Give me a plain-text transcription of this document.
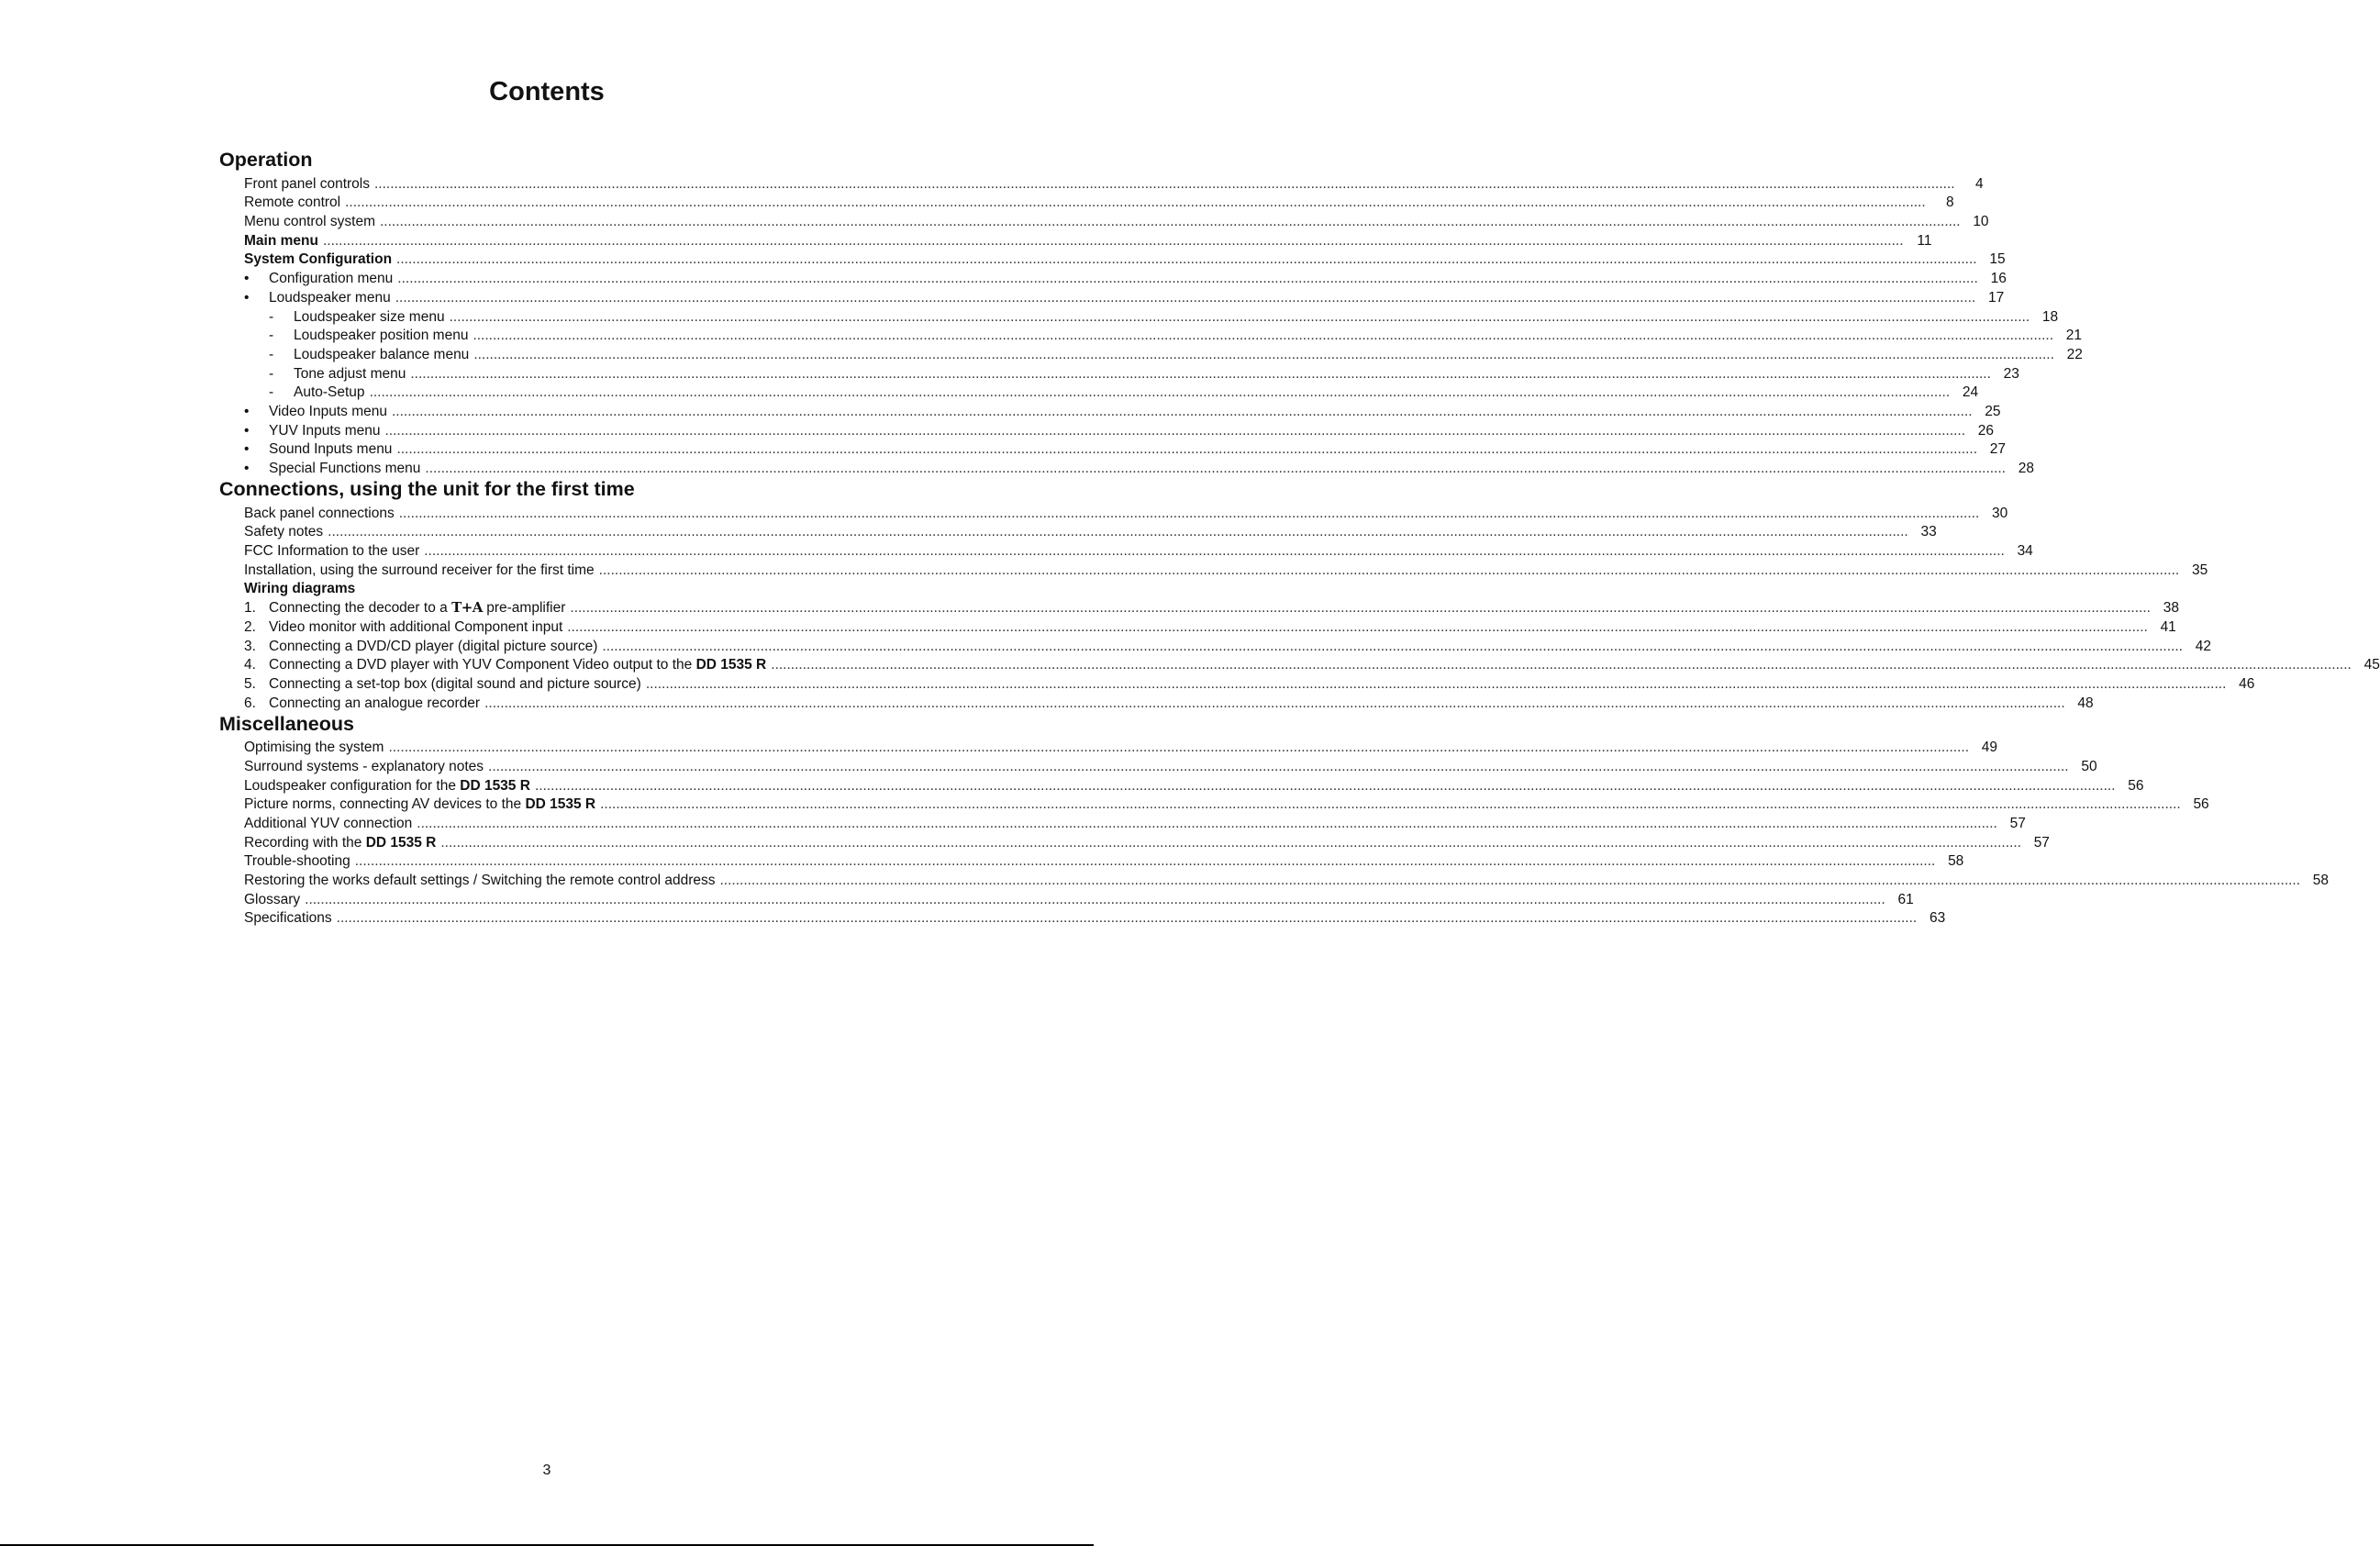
Contents
Operation
Front panel controls ................................................................................................................................................................................................................................................................................................................................................................................................................	4
Remote control ................................................................................................................................................................................................................................................................................................................................................................................................................	8
Menu control system ................................................................................................................................................................................................................................................................................................................................................................................................................ 10
Main menu ................................................................................................................................................................................................................................................................................................................................................................................................................ 11
System Configuration ................................................................................................................................................................................................................................................................................................................................................................................................................ 15
•	Configuration menu ................................................................................................................................................................................................................................................................................................................................................................................................................ 16
•	Loudspeaker menu ................................................................................................................................................................................................................................................................................................................................................................................................................ 17
-	Loudspeaker size menu ................................................................................................................................................................................................................................................................................................................................................................................................................ 18
-	Loudspeaker position menu ................................................................................................................................................................................................................................................................................................................................................................................................................ 21
-	Loudspeaker balance menu ................................................................................................................................................................................................................................................................................................................................................................................................................ 22
-	Tone adjust menu ................................................................................................................................................................................................................................................................................................................................................................................................................ 23
-	Auto-Setup ................................................................................................................................................................................................................................................................................................................................................................................................................ 24
•	Video Inputs menu ................................................................................................................................................................................................................................................................................................................................................................................................................ 25
•	YUV Inputs menu ................................................................................................................................................................................................................................................................................................................................................................................................................ 26
•	Sound Inputs menu ................................................................................................................................................................................................................................................................................................................................................................................................................ 27
•	Special Functions menu ................................................................................................................................................................................................................................................................................................................................................................................................................ 28
Connections, using the unit for the first time
Back panel connections ................................................................................................................................................................................................................................................................................................................................................................................................................ 30
Safety notes ................................................................................................................................................................................................................................................................................................................................................................................................................ 33
FCC Information to the user ................................................................................................................................................................................................................................................................................................................................................................................................................ 34
Installation, using the surround receiver for the first time ................................................................................................................................................................................................................................................................................................................................................................................................................ 35
Wiring diagrams
1. Connecting the decoder to a T+A pre-amplifier ................................................................................................................................................................................................................................................................................................................................................................................................................ 38
2. Video monitor with additional Component input ................................................................................................................................................................................................................................................................................................................................................................................................................ 41
3. Connecting a DVD/CD player (digital picture source) ................................................................................................................................................................................................................................................................................................................................................................................................................ 42
4. Connecting a DVD player with YUV Component Video output to the DD 1535 R ................................................................................................................................................................................................................................................................................................................................................................................................................ 45
5. Connecting a set-top box (digital sound and picture source) ................................................................................................................................................................................................................................................................................................................................................................................................................ 46
6. Connecting an analogue recorder ................................................................................................................................................................................................................................................................................................................................................................................................................ 48
Miscellaneous
Optimising the system ................................................................................................................................................................................................................................................................................................................................................................................................................ 49
Surround systems - explanatory notes ................................................................................................................................................................................................................................................................................................................................................................................................................ 50
Loudspeaker configuration for the DD 1535 R ................................................................................................................................................................................................................................................................................................................................................................................................................ 56
Picture norms, connecting AV devices to the DD 1535 R ................................................................................................................................................................................................................................................................................................................................................................................................................ 56
Additional YUV connection ................................................................................................................................................................................................................................................................................................................................................................................................................ 57
Recording with the DD 1535 R ................................................................................................................................................................................................................................................................................................................................................................................................................ 57
Trouble-shooting ................................................................................................................................................................................................................................................................................................................................................................................................................ 58
Restoring the works default settings / Switching the remote control address ................................................................................................................................................................................................................................................................................................................................................................................................................ 58
Glossary ................................................................................................................................................................................................................................................................................................................................................................................................................ 61
Specifications ................................................................................................................................................................................................................................................................................................................................................................................................................ 63
3
